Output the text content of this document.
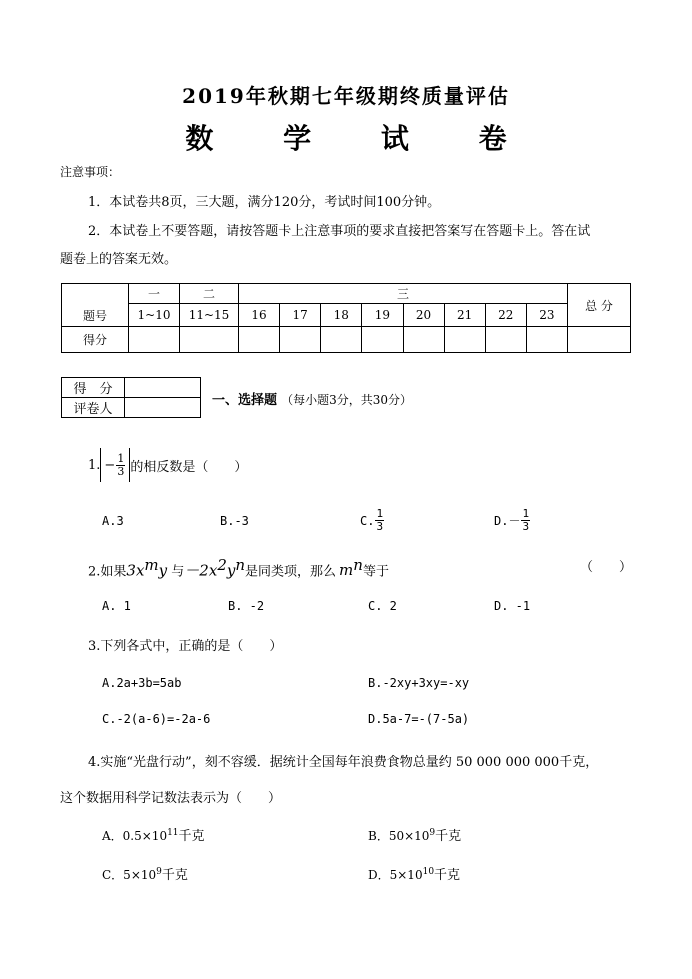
2019年秋期七年级期终质量评估
数 学 试 卷
注意事项：
1．本试卷共8页，三大题，满分120分，考试时间100分钟。
2．本试卷上不要答题，请按答题卡上注意事项的要求直接把答案写在答题卡上。答在试
题卷上的答案无效。
题号	一	二	三								总 分
	1~10	11~15	16	17	18	19	20	21	22	23	
得分											
得　分	
评卷人	
一、选择题 （每小题3分，共30分）
1. − $\frac{1}{3}$ 的相反数是（　　）
A.3	B.-3	C. $\frac{1}{3}$	$D.- \frac{1}{3}$
2.如果$3x^my$ 与$-2x^2y^n$是同类项，那么 $m^n$等于	（　　）
A. 1	B. -2	C. 2	D. -1
3.下列各式中，正确的是（　　）
A.2a+3b=5ab	B.-2xy+3xy=-xy
C.-2(a-6)=-2a-6	D.5a-7=-(7-5a)
4.实施“光盘行动”，刻不容缓．据统计全国每年浪费食物总量约 50 000 000 000千克，
这个数据用科学记数法表示为（　　）
A．$0.5\times 10^{11}$千克	B．$50\times 10^9$千克
C．$5\times 10^9$千克	D．$5\times 10^{10}$千克
